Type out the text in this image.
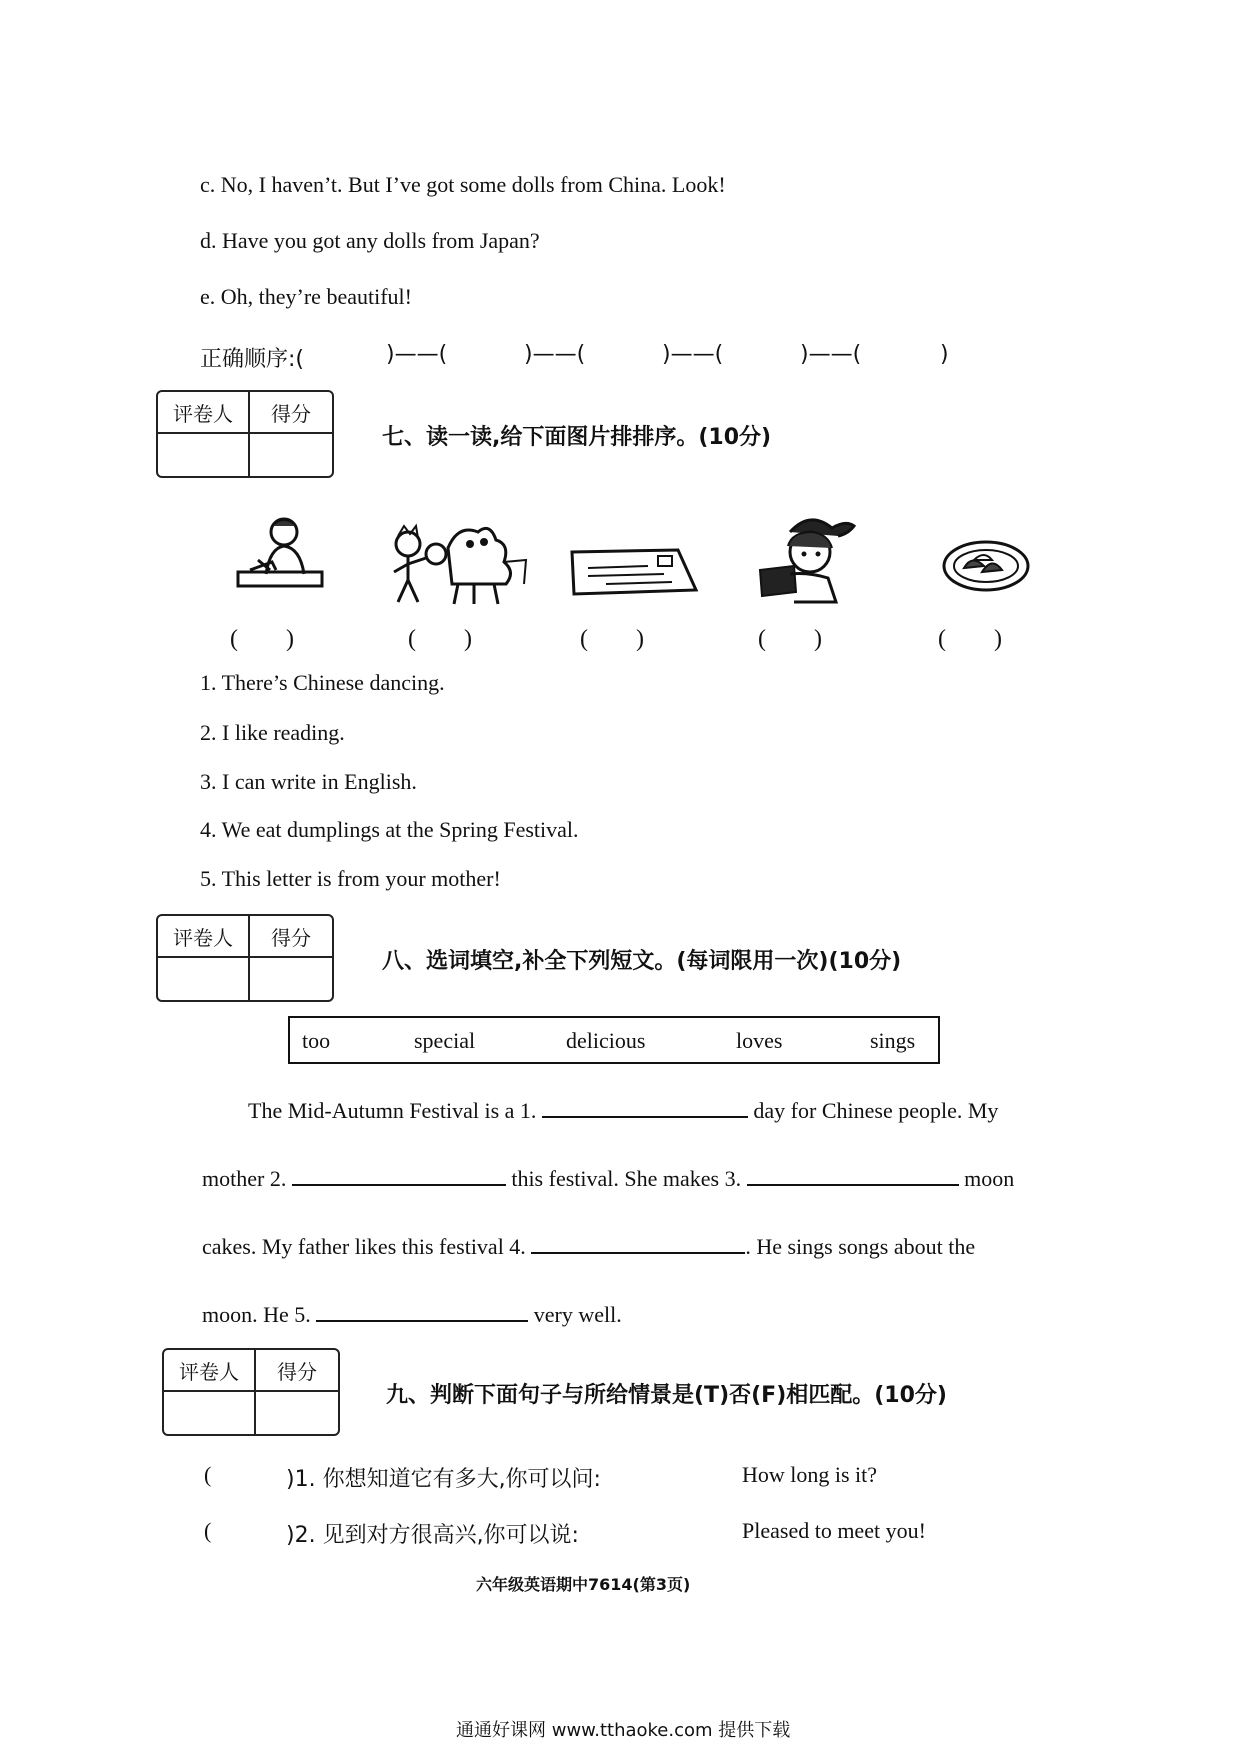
c. No, I haven’t. But I’ve got some dolls from China. Look!
d. Have you got any dolls from Japan?
e. Oh, they’re beautiful!
正确顺序:(	)——(	)——(	)——(	)——(	)
评卷人	得分
七、读一读,给下面图片排排序。(10分)
(　　)	(　　)	(　　)	(　　)	(　　)
1. There’s Chinese dancing.
2. I like reading.
3. I can write in English.
4. We eat dumplings at the Spring Festival.
5. This letter is from your mother!
评卷人	得分
八、选词填空,补全下列短文。(每词限用一次)(10分)
too	special	delicious	loves	sings
The Mid-Autumn Festival is a 1.	day for Chinese people. My
mother 2.	this festival. She makes 3.	moon
cakes. My father likes this festival 4.	. He sings songs about the
moon. He 5.	very well.
评卷人	得分
九、判断下面句子与所给情景是(T)否(F)相匹配。(10分)
(	)1. 你想知道它有多大,你可以问:	How long is it?
(	)2. 见到对方很高兴,你可以说:	Pleased to meet you!
六年级英语期中7614(第3页)
通通好课网 www.tthaoke.com 提供下载
